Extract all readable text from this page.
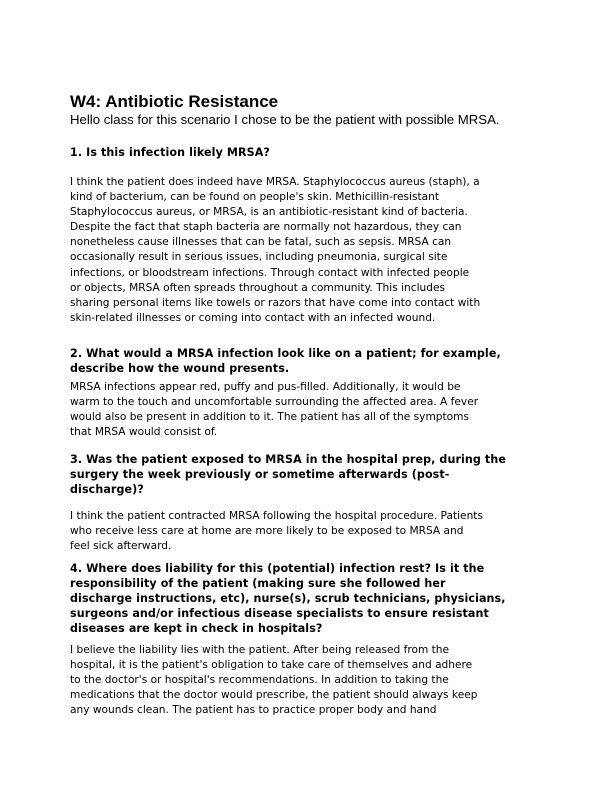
W4: Antibiotic Resistance

Hello class for this scenario I chose to be the patient with possible MRSA.

1. Is this infection likely MRSA?

I think the patient does indeed have MRSA. Staphylococcus aureus (staph), a
kind of bacterium, can be found on people's skin. Methicillin-resistant
Staphylococcus aureus, or MRSA, is an antibiotic-resistant kind of bacteria.
Despite the fact that staph bacteria are normally not hazardous, they can
nonetheless cause illnesses that can be fatal, such as sepsis. MRSA can
occasionally result in serious issues, including pneumonia, surgical site
infections, or bloodstream infections. Through contact with infected people
or objects, MRSA often spreads throughout a community. This includes
sharing personal items like towels or razors that have come into contact with
skin-related illnesses or coming into contact with an infected wound.

2. What would a MRSA infection look like on a patient; for example,
describe how the wound presents.

MRSA infections appear red, puffy and pus-filled. Additionally, it would be
warm to the touch and uncomfortable surrounding the affected area. A fever
would also be present in addition to it. The patient has all of the symptoms
that MRSA would consist of.

3. Was the patient exposed to MRSA in the hospital prep, during the
surgery the week previously or sometime afterwards (post-
discharge)?

I think the patient contracted MRSA following the hospital procedure. Patients
who receive less care at home are more likely to be exposed to MRSA and
feel sick afterward.

4. Where does liability for this (potential) infection rest? Is it the
responsibility of the patient (making sure she followed her
discharge instructions, etc), nurse(s), scrub technicians, physicians,
surgeons and/or infectious disease specialists to ensure resistant
diseases are kept in check in hospitals?

I believe the liability lies with the patient. After being released from the
hospital, it is the patient's obligation to take care of themselves and adhere
to the doctor's or hospital's recommendations. In addition to taking the
medications that the doctor would prescribe, the patient should always keep
any wounds clean. The patient has to practice proper body and hand
